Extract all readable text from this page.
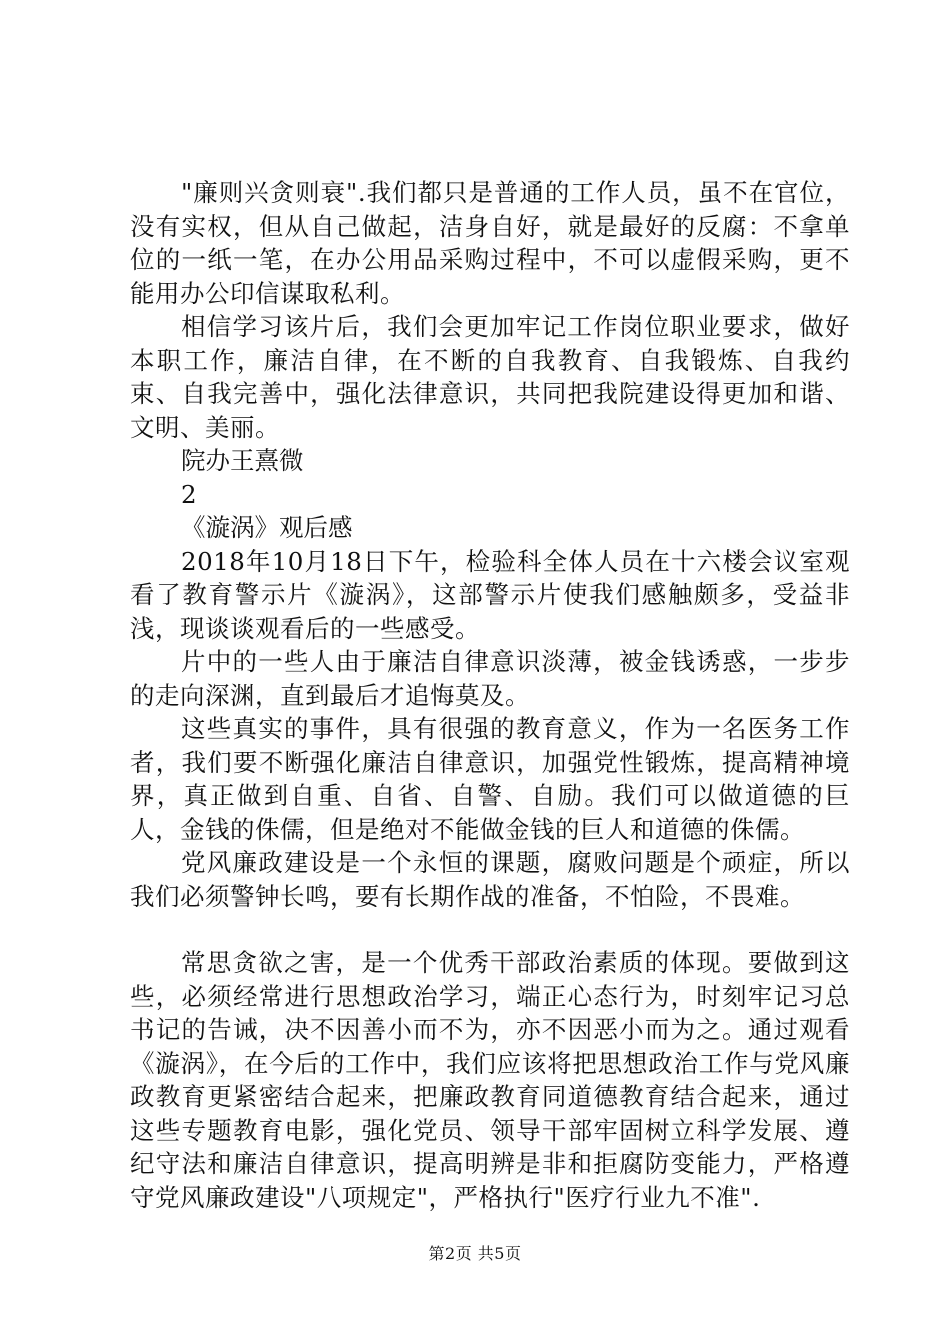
"廉则兴贪则衰".我们都只是普通的工作人员，虽不在官位，没有实权，但从自己做起，洁身自好，就是最好的反腐：不拿单位的一纸一笔，在办公用品采购过程中，不可以虚假采购，更不能用办公印信谋取私利。

相信学习该片后，我们会更加牢记工作岗位职业要求，做好本职工作，廉洁自律，在不断的自我教育、自我锻炼、自我约束、自我完善中，强化法律意识，共同把我院建设得更加和谐、文明、美丽。

院办王熹微

2

《漩涡》观后感

2018年10月18日下午，检验科全体人员在十六楼会议室观看了教育警示片《漩涡》，这部警示片使我们感触颇多，受益非浅，现谈谈观看后的一些感受。

片中的一些人由于廉洁自律意识淡薄，被金钱诱惑，一步步的走向深渊，直到最后才追悔莫及。

这些真实的事件，具有很强的教育意义，作为一名医务工作者，我们要不断强化廉洁自律意识，加强党性锻炼，提高精神境界，真正做到自重、自省、自警、自励。我们可以做道德的巨人，金钱的侏儒，但是绝对不能做金钱的巨人和道德的侏儒。

党风廉政建设是一个永恒的课题，腐败问题是个顽症，所以我们必须警钟长鸣，要有长期作战的准备，不怕险，不畏难。

常思贪欲之害，是一个优秀干部政治素质的体现。要做到这些，必须经常进行思想政治学习，端正心态行为，时刻牢记习总书记的告诫，决不因善小而不为，亦不因恶小而为之。通过观看《漩涡》，在今后的工作中，我们应该将把思想政治工作与党风廉政教育更紧密结合起来，把廉政教育同道德教育结合起来，通过这些专题教育电影，强化党员、领导干部牢固树立科学发展、遵纪守法和廉洁自律意识，提高明辨是非和拒腐防变能力，严格遵守党风廉政建设"八项规定"，严格执行"医疗行业九不准".

第2页 共5页
